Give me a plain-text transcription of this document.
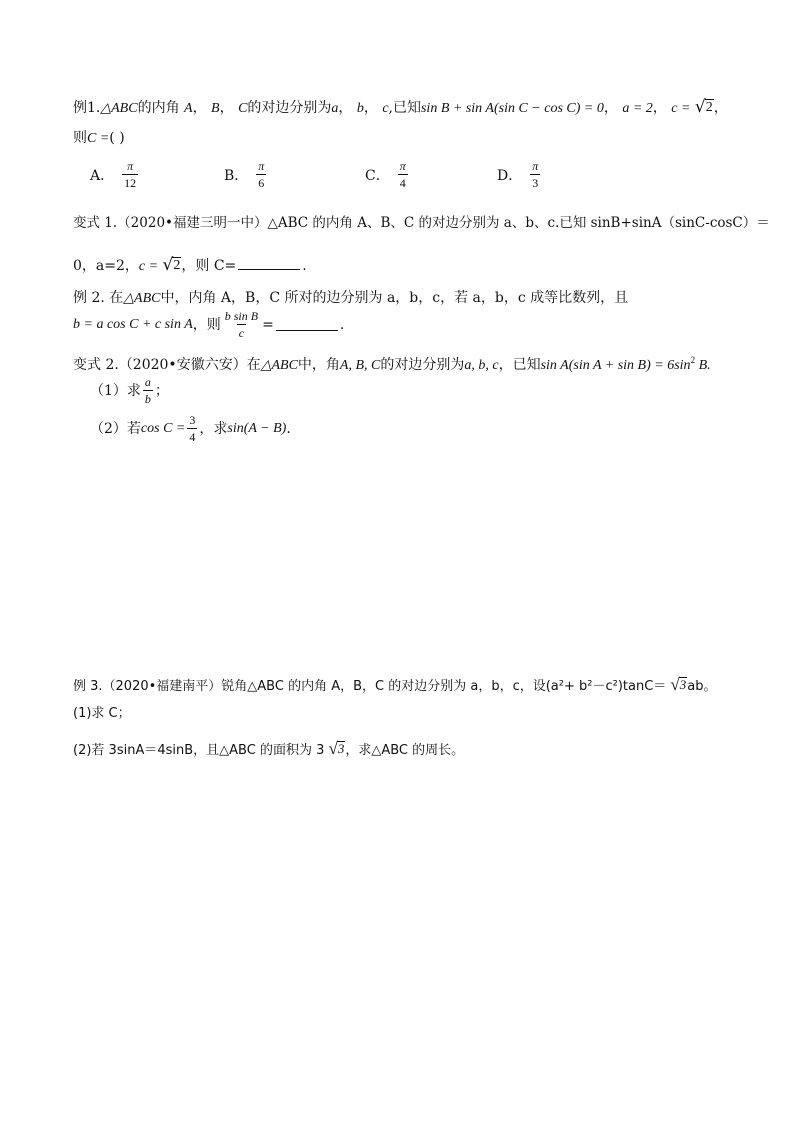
例1.△ABC的内角 A， B， C的对边分别为a， b， c,已知sin B + sin A(sin C − cos C) = 0， a = 2， c = √ 2 ，
则C =( )
A． $\frac{\pi}{12}$	B． $\frac{\pi}{6}$	C． $\frac{\pi}{4}$	D． $\frac{\pi}{3}$
变式 1.（2020•福建三明一中）△ABC 的内角 A、B、C 的对边分别为 a、b、c.已知 sinB+sinA（sinC-cosC）＝
0，a=2，c = √ 2 ，则 C=	.
例 2. 在△ABC中，内角 A，B，C 所对的边分别为 a，b，c，若 a，b，c 成等比数列，且
b = a cos C + c sin A ，则 $\frac{\text{b sin B}}{c}$ =	.
变式 2.（2020•安徽六安）在△ABC中，角A, B, C的对边分别为a, b, c，已知sin A(sin $A + \sin B) = 6\sin^2$ B.
（1）求 $\frac{a}{b}$ ；
（2）若 $\cos C = \frac{3}{4}$ ，求 sin(A − B) .
例 3.（2020•福建南平）锐角△ABC 的内角 A，B，C 的对边分别为 a，b，c，设(a²+ b²－c²)tanC＝ √ 3 ab。
(1)求 C；
(2)若 3sinA＝4sinB，且△ABC 的面积为 3 √ 3 ，求△ABC 的周长。
